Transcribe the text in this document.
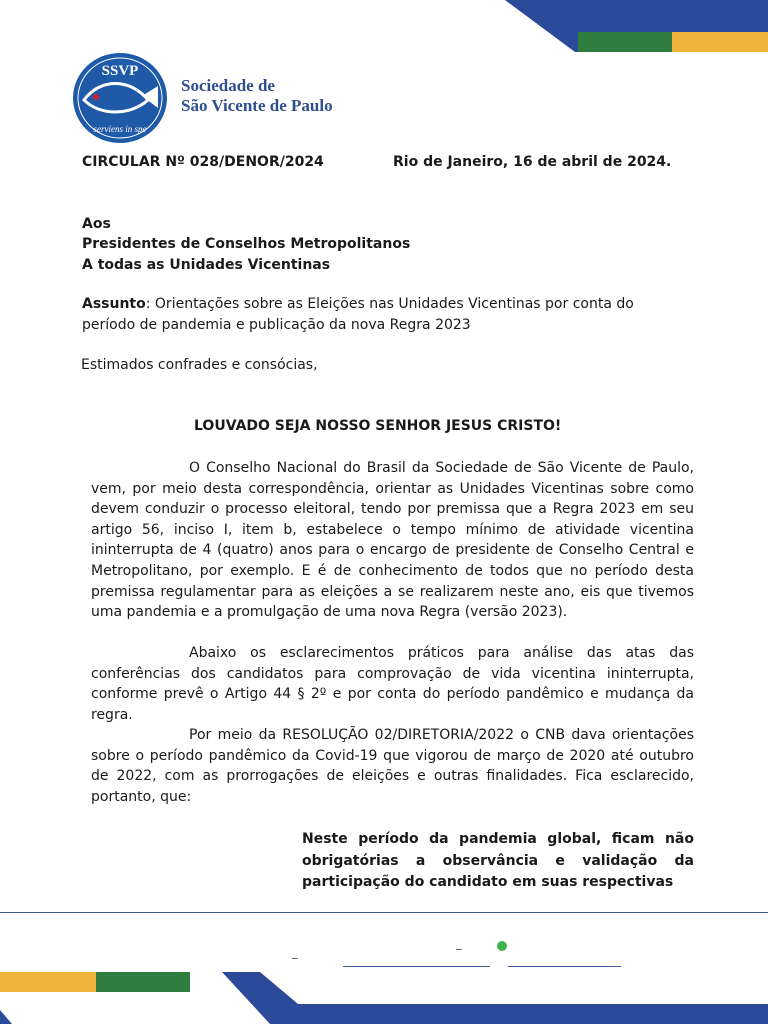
SSVP
serviens in spe
Sociedade de
São Vicente de Paulo
CIRCULAR Nº 028/DENOR/2024	Rio de Janeiro, 16 de abril de 2024.
Aos
Presidentes de Conselhos Metropolitanos
A todas as Unidades Vicentinas
Assunto: Orientações sobre as Eleições nas Unidades Vicentinas por conta do
período de pandemia e publicação da nova Regra 2023
Estimados confrades e consócias,
LOUVADO SEJA NOSSO SENHOR JESUS CRISTO!

O Conselho Nacional do Brasil da Sociedade de São Vicente de Paulo, vem, por meio desta correspondência, orientar as Unidades Vicentinas sobre como devem conduzir o processo eleitoral, tendo por premissa que a Regra 2023 em seu artigo 56, inciso I, item b, estabelece o tempo mínimo de atividade vicentina ininterrupta de 4 (quatro) anos para o encargo de presidente de Conselho Central e Metropolitano, por exemplo. E é de conhecimento de todos que no período desta premissa regulamentar para as eleições a se realizarem neste ano, eis que tivemos uma pandemia e a promulgação de uma nova Regra (versão 2023).

Abaixo os esclarecimentos práticos para análise das atas das conferências dos candidatos para comprovação de vida vicentina ininterrupta, conforme prevê o Artigo 44 § 2º e por conta do período pandêmico e mudança da regra.

Por meio da RESOLUÇÃO 02/DIRETORIA/2022 o CNB dava orientações sobre o período pandêmico da Covid-19 que vigorou de março de 2020 até outubro de 2022, com as prorrogações de eleições e outras finalidades. Fica esclarecido, portanto, que:

Neste período da pandemia global, ficam não obrigatórias a observância e validação da participação do candidato em suas respectivas

_
_
